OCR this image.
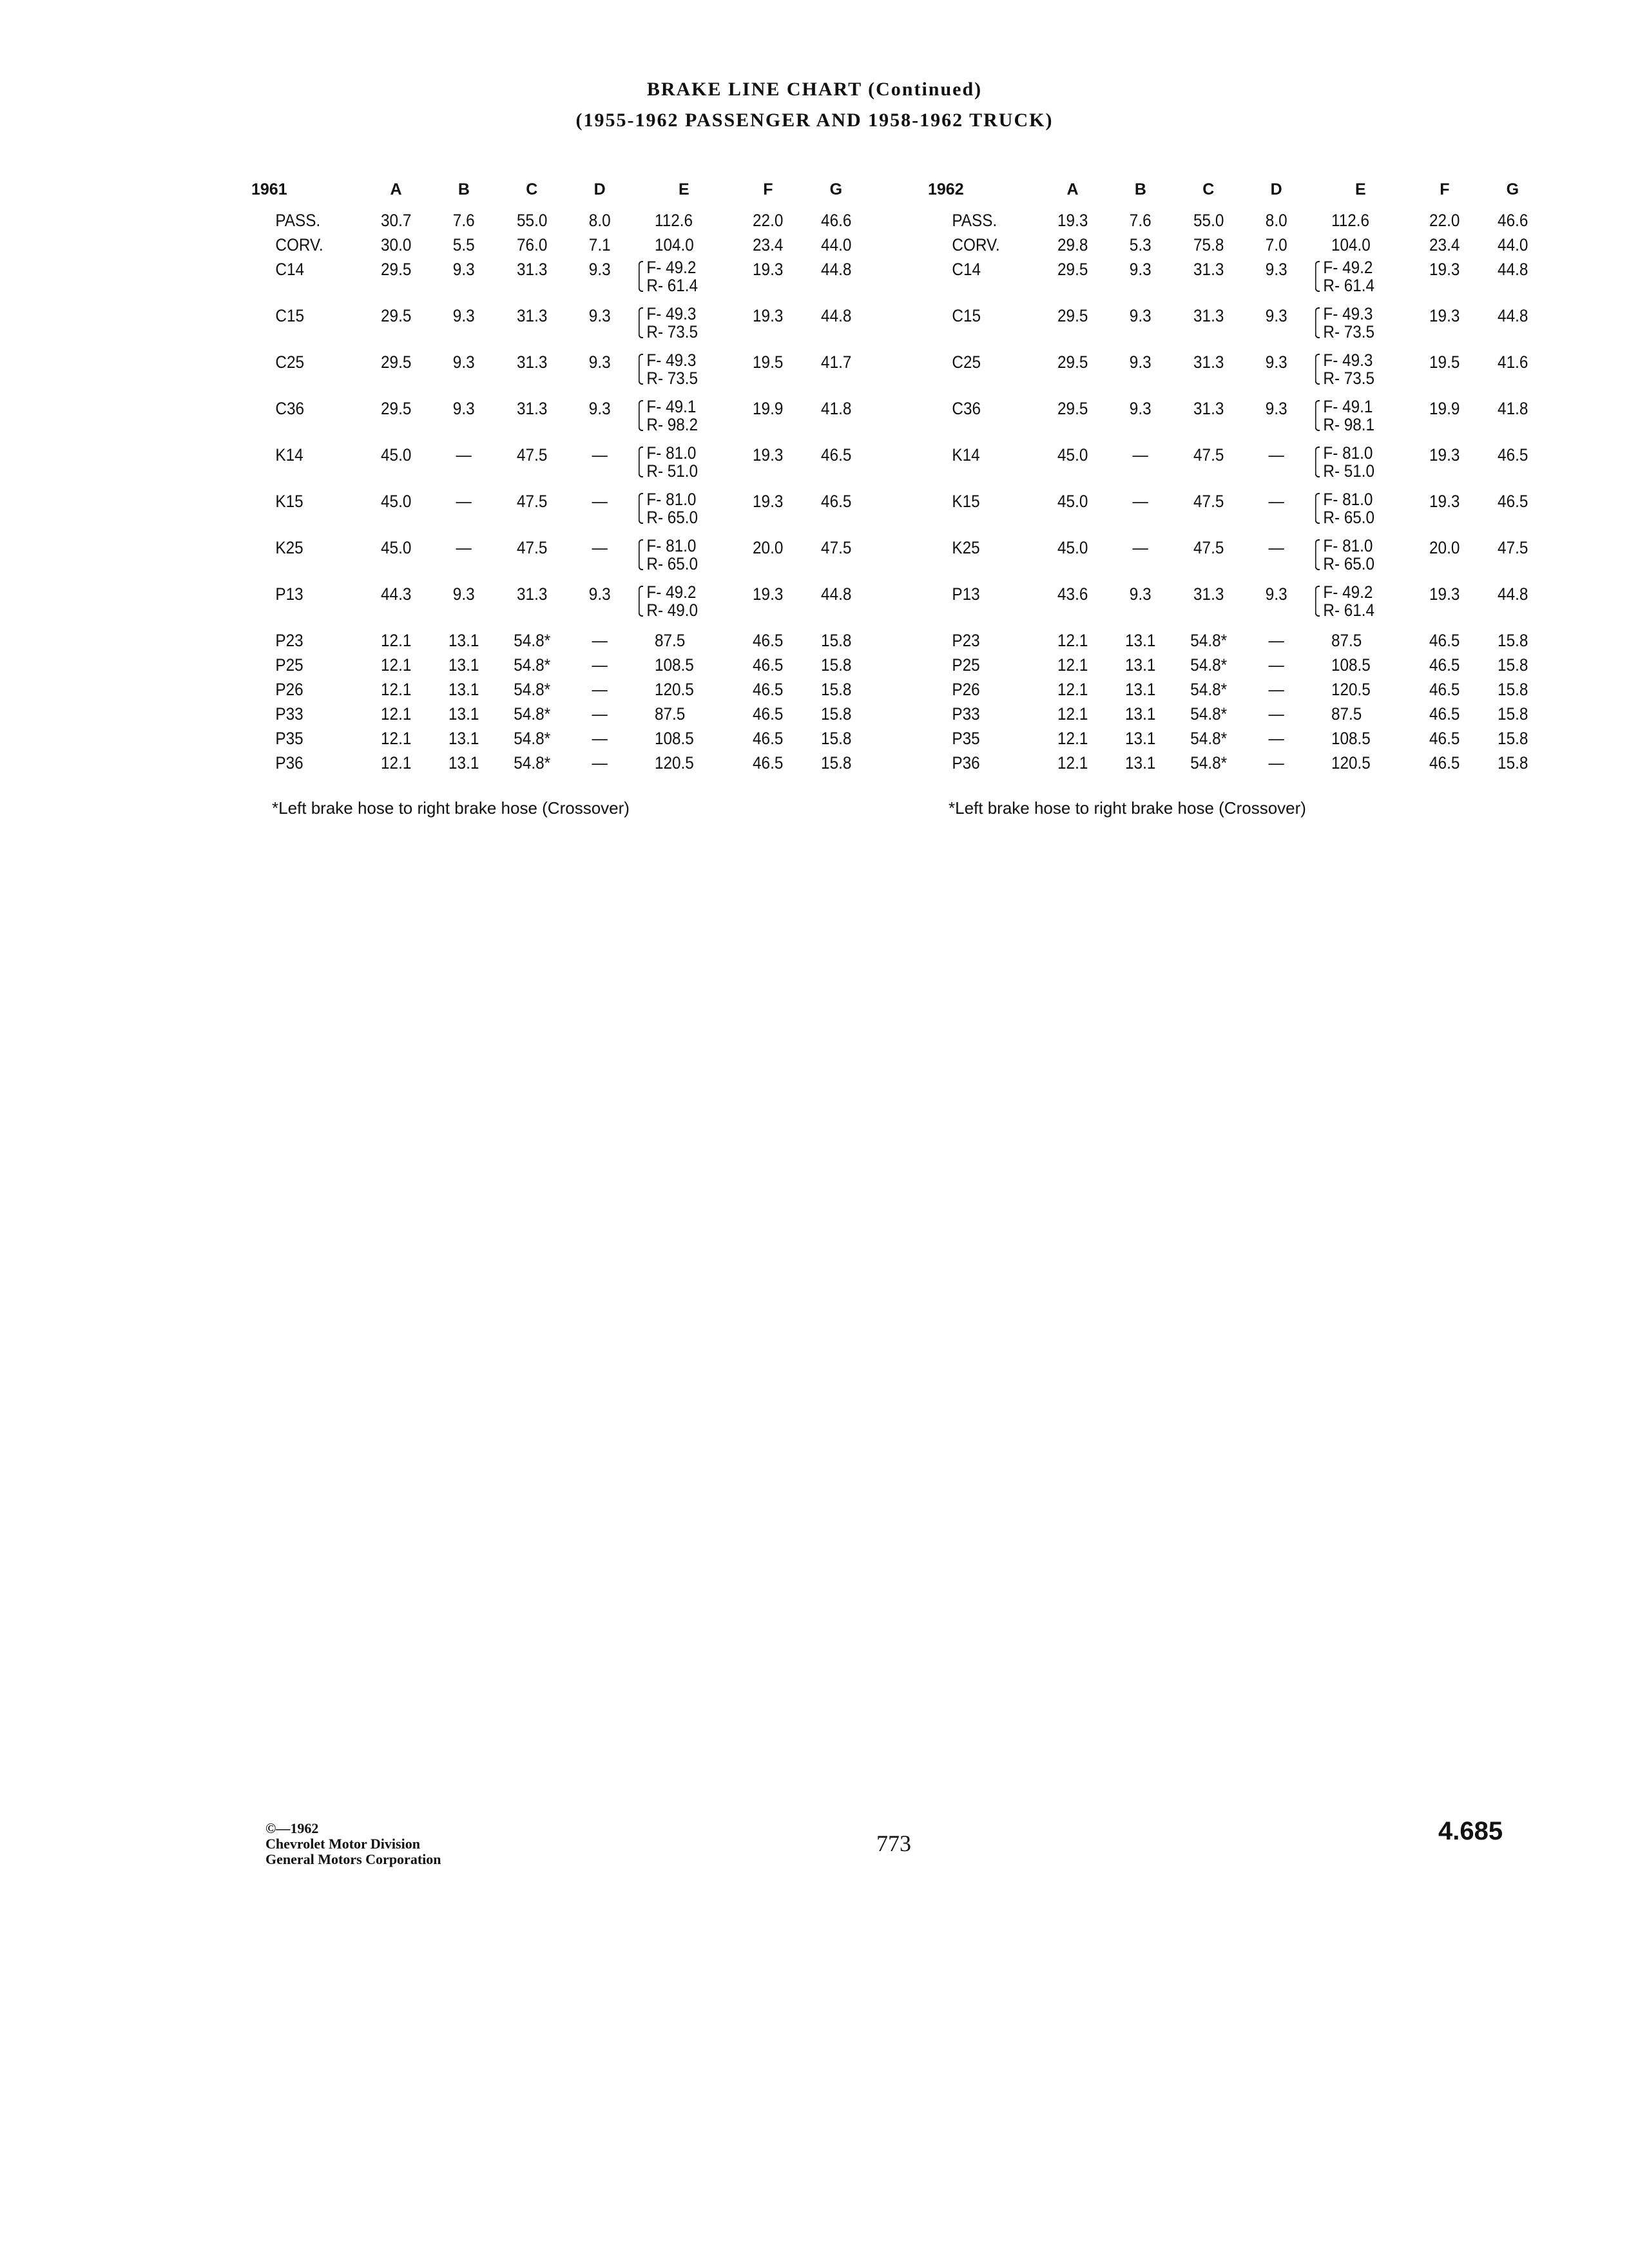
BRAKE LINE CHART (Continued)
(1955-1962 PASSENGER AND 1958-1962 TRUCK)
1961	A	B	C	D	E	F	G
PASS.	30.7	7.6	55.0	8.0	112.6	22.0	46.6
CORV.	30.0	5.5	76.0	7.1	104.0	23.4	44.0
C14	29.5	9.3	31.3	9.3	F- 49.2
R- 61.4	19.3	44.8
C15	29.5	9.3	31.3	9.3	F- 49.3
R- 73.5	19.3	44.8
C25	29.5	9.3	31.3	9.3	F- 49.3
R- 73.5	19.5	41.7
C36	29.5	9.3	31.3	9.3	F- 49.1
R- 98.2	19.9	41.8
K14	45.0	—	47.5	—	F- 81.0
R- 51.0	19.3	46.5
K15	45.0	—	47.5	—	F- 81.0
R- 65.0	19.3	46.5
K25	45.0	—	47.5	—	F- 81.0
R- 65.0	20.0	47.5
P13	44.3	9.3	31.3	9.3	F- 49.2
R- 49.0	19.3	44.8
P23	12.1	13.1	54.8*	—	87.5	46.5	15.8
P25	12.1	13.1	54.8*	—	108.5	46.5	15.8
P26	12.1	13.1	54.8*	—	120.5	46.5	15.8
P33	12.1	13.1	54.8*	—	87.5	46.5	15.8
P35	12.1	13.1	54.8*	—	108.5	46.5	15.8
P36	12.1	13.1	54.8*	—	120.5	46.5	15.8
*Left brake hose to right brake hose (Crossover)
1962	A	B	C	D	E	F	G
PASS.	19.3	7.6	55.0	8.0	112.6	22.0	46.6
CORV.	29.8	5.3	75.8	7.0	104.0	23.4	44.0
C14	29.5	9.3	31.3	9.3	F- 49.2
R- 61.4	19.3	44.8
C15	29.5	9.3	31.3	9.3	F- 49.3
R- 73.5	19.3	44.8
C25	29.5	9.3	31.3	9.3	F- 49.3
R- 73.5	19.5	41.6
C36	29.5	9.3	31.3	9.3	F- 49.1
R- 98.1	19.9	41.8
K14	45.0	—	47.5	—	F- 81.0
R- 51.0	19.3	46.5
K15	45.0	—	47.5	—	F- 81.0
R- 65.0	19.3	46.5
K25	45.0	—	47.5	—	F- 81.0
R- 65.0	20.0	47.5
P13	43.6	9.3	31.3	9.3	F- 49.2
R- 61.4	19.3	44.8
P23	12.1	13.1	54.8*	—	87.5	46.5	15.8
P25	12.1	13.1	54.8*	—	108.5	46.5	15.8
P26	12.1	13.1	54.8*	—	120.5	46.5	15.8
P33	12.1	13.1	54.8*	—	87.5	46.5	15.8
P35	12.1	13.1	54.8*	—	108.5	46.5	15.8
P36	12.1	13.1	54.8*	—	120.5	46.5	15.8
*Left brake hose to right brake hose (Crossover)
©—1962
Chevrolet Motor Division
General Motors Corporation
773	4.685
